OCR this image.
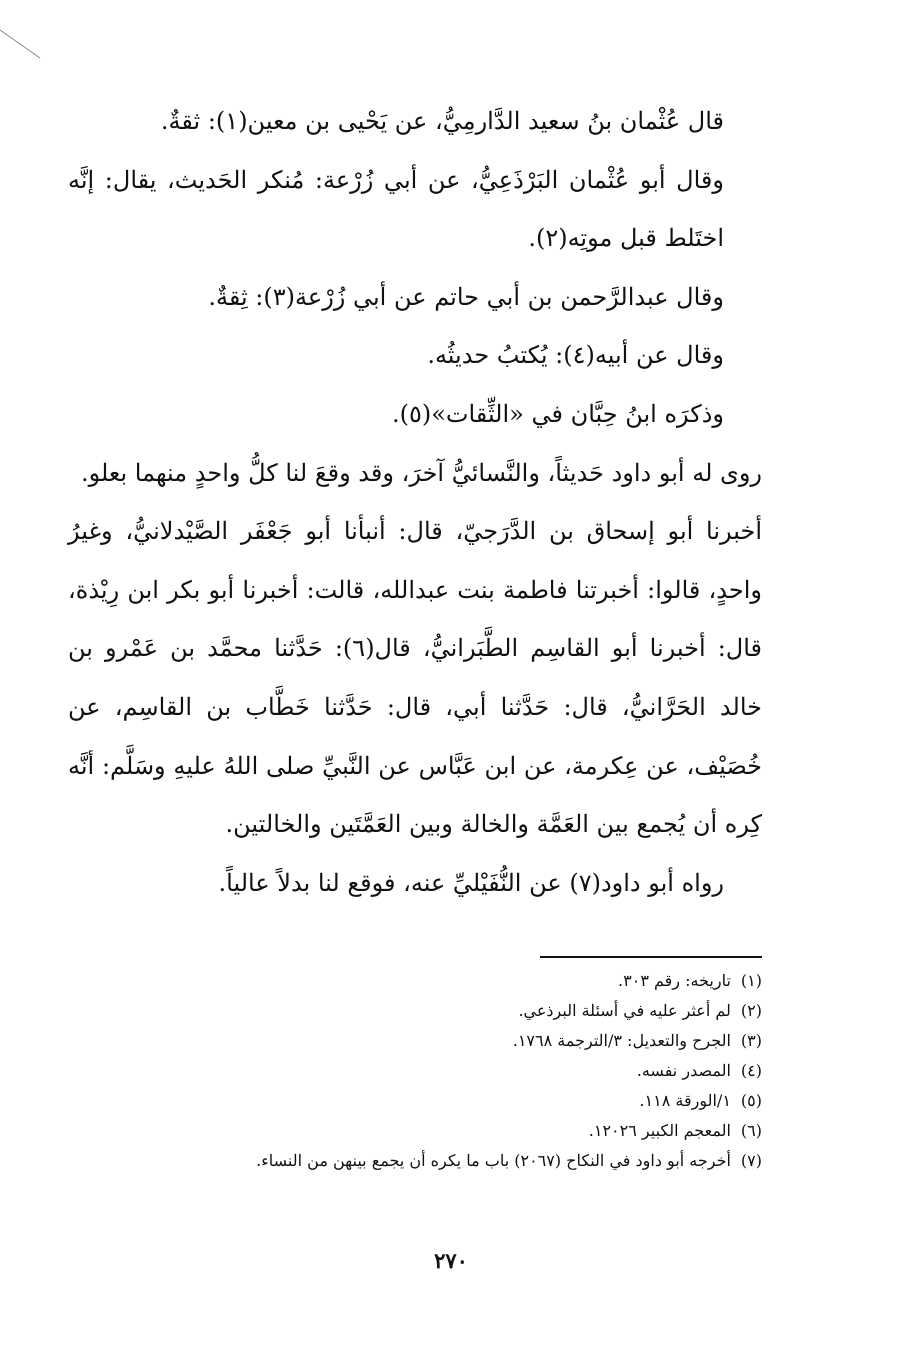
قال عُثْمان بنُ سعيد الدَّارمِيُّ، عن يَحْيى بن معين(١): ثقةٌ.

وقال أبو عُثْمان البَرْذَعِيُّ، عن أبي زُرْعة: مُنكر الحَديث، يقال: إنَّه اختَلط قبل موتِه(٢).

وقال عبدالرَّحمن بن أبي حاتم عن أبي زُرْعة(٣): ثِقةٌ.

وقال عن أبيه(٤): يُكتبُ حديثُه.

وذكرَه ابنُ حِبَّان في «الثِّقات»(٥).

روى له أبو داود حَديثاً، والنَّسائيُّ آخرَ، وقد وقعَ لنا كلُّ واحدٍ منهما بعلو.

أخبرنا أبو إسحاق بن الدَّرَجيّ، قال: أنبأنا أبو جَعْفَر الصَّيْدلانيُّ، وغيرُ واحدٍ، قالوا: أخبرتنا فاطمة بنت عبدالله، قالت: أخبرنا أبو بكر ابن رِيْذة، قال: أخبرنا أبو القاسِم الطَّبَرانيُّ، قال(٦): حَدَّثنا محمَّد بن عَمْرو بن خالد الحَرَّانيُّ، قال: حَدَّثنا أبي، قال: حَدَّثنا خَطَّاب بن القاسِم، عن خُصَيْف، عن عِكرمة، عن ابن عَبَّاس عن النَّبيِّ صلى اللهُ عليهِ وسَلَّم: أنَّه كِره أن يُجمع بين العَمَّة والخالة وبين العَمَّتَين والخالتين.

رواه أبو داود(٧) عن النُّفَيْليِّ عنه، فوقع لنا بدلاً عالياً.

(١)
تاريخه: رقم ٣٠٣.
(٢)
لم أعثر عليه في أسئلة البرذعي.
(٣)
الجرح والتعديل: ٣/الترجمة ١٧٦٨.
(٤)
المصدر نفسه.
(٥)
١/الورقة ١١٨.
(٦)
المعجم الكبير ١٢٠٢٦.
(٧)
أخرجه أبو داود في النكاح (٢٠٦٧) باب ما يكره أن يجمع بينهن من النساء.
٢٧٠
